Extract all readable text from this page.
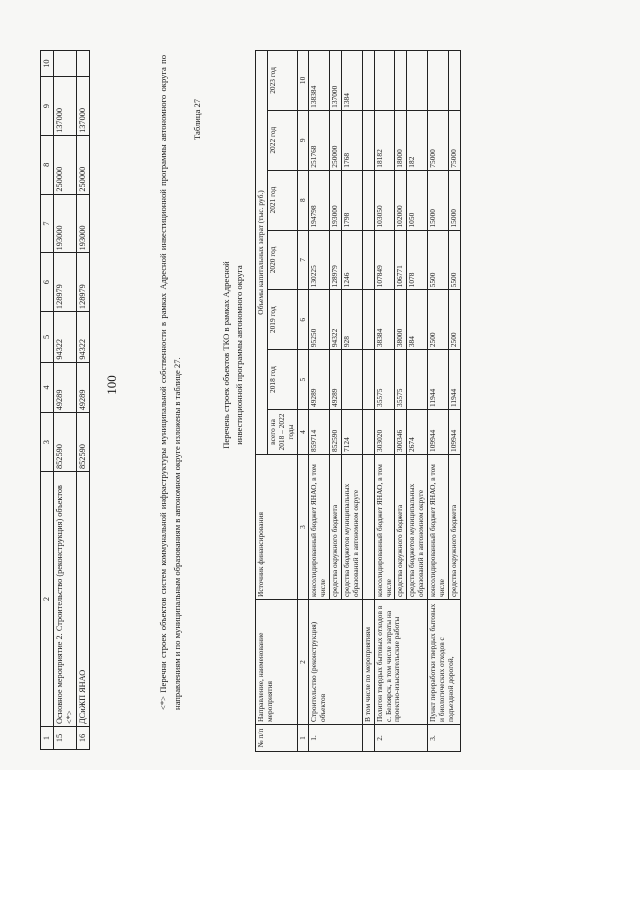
100
1	2	3	4	5	6	7	8	9	10
15	Основное мероприятие 2. Строительство (реконструкция) объектов <*>	852590	49289	94322	128979	193000	250000	137000	
16	ДСиЖП ЯНАО	852590	49289	94322	128979	193000	250000	137000		<*> Перечни строек объектов систем коммунальной инфраструктуры муниципальной собственности в рамках Адресной инвестиционной программы автономного округа по направлениям и по муниципальным образованиям в автономном округе изложены в таблице 27.
Таблица 27
Перечень строек объектов ТКО в рамках Адресной инвестиционной программы автономного округа
№ п/п	Направление, наименование мероприятия	Источник финансирования	Объемы капитальных затрат (тыс. руб.)						
			всего на 2018 – 2022 годы	2018 год	2019 год	2020 год	2021 год	2022 год	2023 год
1	2	3	4	5	6	7	8	9	10
1.	Строительство (реконструкция) объектов	консолидированный бюджет ЯНАО, в том числе	859714	49289	95250	130225	194798	251768	138384
		средства окружного бюджета	852590	49289	94322	128979	193000	250000	137000
		средства бюджетов муниципальных образований в автономном округе	7124		928	1246	1798	1768	1384
	В том числе по мероприятиям								
2.	Полигон твердых бытовых отходов в с. Белоярск, в том числе затраты на проектно-изыскательские работы	консолидированный бюджет ЯНАО, в том числе	303020	35575	38384	107849	103050	18182	
		средства окружного бюджета	300346	35575	38000	106771	102000	18000	
		средства бюджетов муниципальных образований в автономном округе	2674		384	1078	1050	182	
3.	Пункт переработки твердых бытовых и биологических отходов с подъездной дорогой,	консолидированный бюджет ЯНАО, в том числе	109944	11944	2500	5500	15000	75000	
		средства окружного бюджета	109944	11944	2500	5500	15000	75000	
